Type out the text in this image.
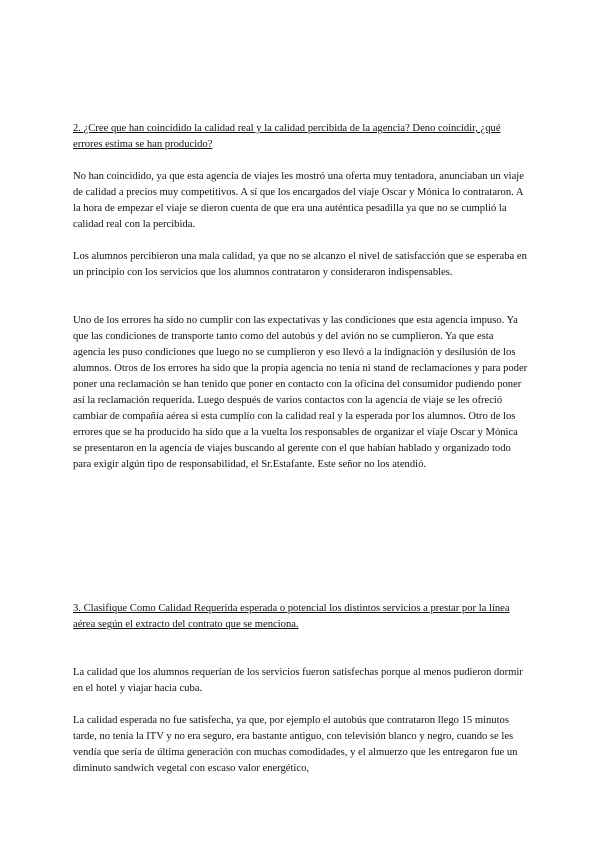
2. ¿Cree que han coincidido la calidad real y la calidad percibida de la agencia? Deno coincidir, ¿qué errores estima se han producido?

No han coincidido, ya que esta agencia de viajes les mostró una oferta muy tentadora, anunciaban un viaje de calidad a precios muy competitivos. A sí que los encargados del viaje Oscar y Mónica lo contrataron. A la hora de empezar el viaje se dieron cuenta de que era una auténtica pesadilla ya que no se cumplió la calidad real con la percibida.

Los alumnos percibieron una mala calidad, ya que no se alcanzo el nivel de satisfacción que se esperaba en un principio con los servicios que los alumnos contrataron y consideraron indispensables.

Uno de los errores ha sido no cumplir con las expectativas y las condiciones que esta agencia impuso. Ya que las condiciones de transporte tanto como del autobús y del avión no se cumplieron. Ya que esta agencia les puso condiciones que luego no se cumplieron y eso llevó a la indignación y desilusión de los alumnos. Otros de los errores ha sido que la propia agencia no tenia ni stand de reclamaciones y para poder poner una reclamación se han tenido que poner en contacto con la oficina del consumidor pudiendo poner así la reclamación requerida. Luego después de varios contactos con la agencia de viaje se les ofreció cambiar de compañía aérea si esta cumplío con la calidad real y la esperada por los alumnos. Otro de los errores que se ha producido ha sido que a la vuelta los responsables de organizar el viaje Oscar y Mónica se presentaron en la agencia de viajes buscando al gerente con el que habían hablado y organizado todo para exigir algún tipo de responsabilidad, el Sr.Estafante. Este señor no los atendió.

3. Clasifique Como Calidad Requerida esperada o potencial los distintos servicios a prestar por la línea aérea según el extracto del contrato que se menciona.

La calidad que los alumnos requerían de los servicios fueron satisfechas porque al menos pudieron dormir en el hotel y viajar hacia cuba.

La calidad esperada no fue satisfecha, ya que, por ejemplo el autobús que contrataron llego 15 minutos tarde, no tenía la ITV y no era seguro, era bastante antiguo, con televisión blanco y negro, cuando se les vendía que sería de última generación con muchas comodidades, y el almuerzo que les entregaron fue un diminuto sandwich vegetal con escaso valor energético,
